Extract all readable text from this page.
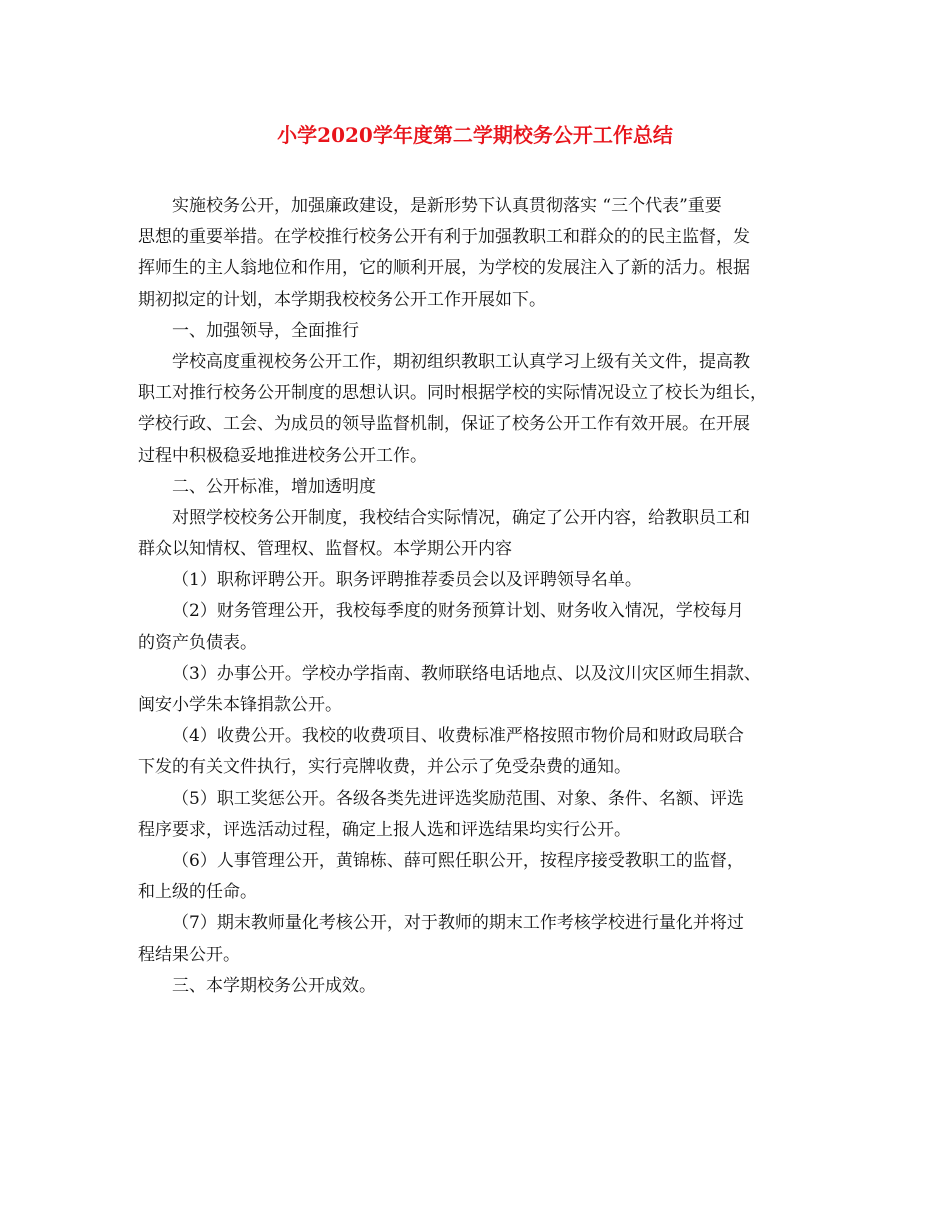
小学2020学年度第二学期校务公开工作总结
实施校务公开，加强廉政建设，是新形势下认真贯彻落实 “三个代表”重要
思想的重要举措。在学校推行校务公开有利于加强教职工和群众的的民主监督，发
挥师生的主人翁地位和作用，它的顺利开展，为学校的发展注入了新的活力。根据
期初拟定的计划，本学期我校校务公开工作开展如下。
一、加强领导，全面推行
学校高度重视校务公开工作，期初组织教职工认真学习上级有关文件，提高教
职工对推行校务公开制度的思想认识。同时根据学校的实际情况设立了校长为组长，
学校行政、工会、为成员的领导监督机制，保证了校务公开工作有效开展。在开展
过程中积极稳妥地推进校务公开工作。
二、公开标准，增加透明度
对照学校校务公开制度，我校结合实际情况，确定了公开内容，给教职员工和
群众以知情权、管理权、监督权。本学期公开内容
（1）职称评聘公开。职务评聘推荐委员会以及评聘领导名单。
（2）财务管理公开，我校每季度的财务预算计划、财务收入情况，学校每月
的资产负债表。
（3）办事公开。学校办学指南、教师联络电话地点、以及汶川灾区师生捐款、
闽安小学朱本锋捐款公开。
（4）收费公开。我校的收费项目、收费标准严格按照市物价局和财政局联合
下发的有关文件执行，实行亮牌收费，并公示了免受杂费的通知。
（5）职工奖惩公开。各级各类先进评选奖励范围、对象、条件、名额、评选
程序要求，评选活动过程，确定上报人选和评选结果均实行公开。
（6）人事管理公开，黄锦栋、薛可熙任职公开，按程序接受教职工的监督，
和上级的任命。
（7）期末教师量化考核公开，对于教师的期末工作考核学校进行量化并将过
程结果公开。
三、本学期校务公开成效。
